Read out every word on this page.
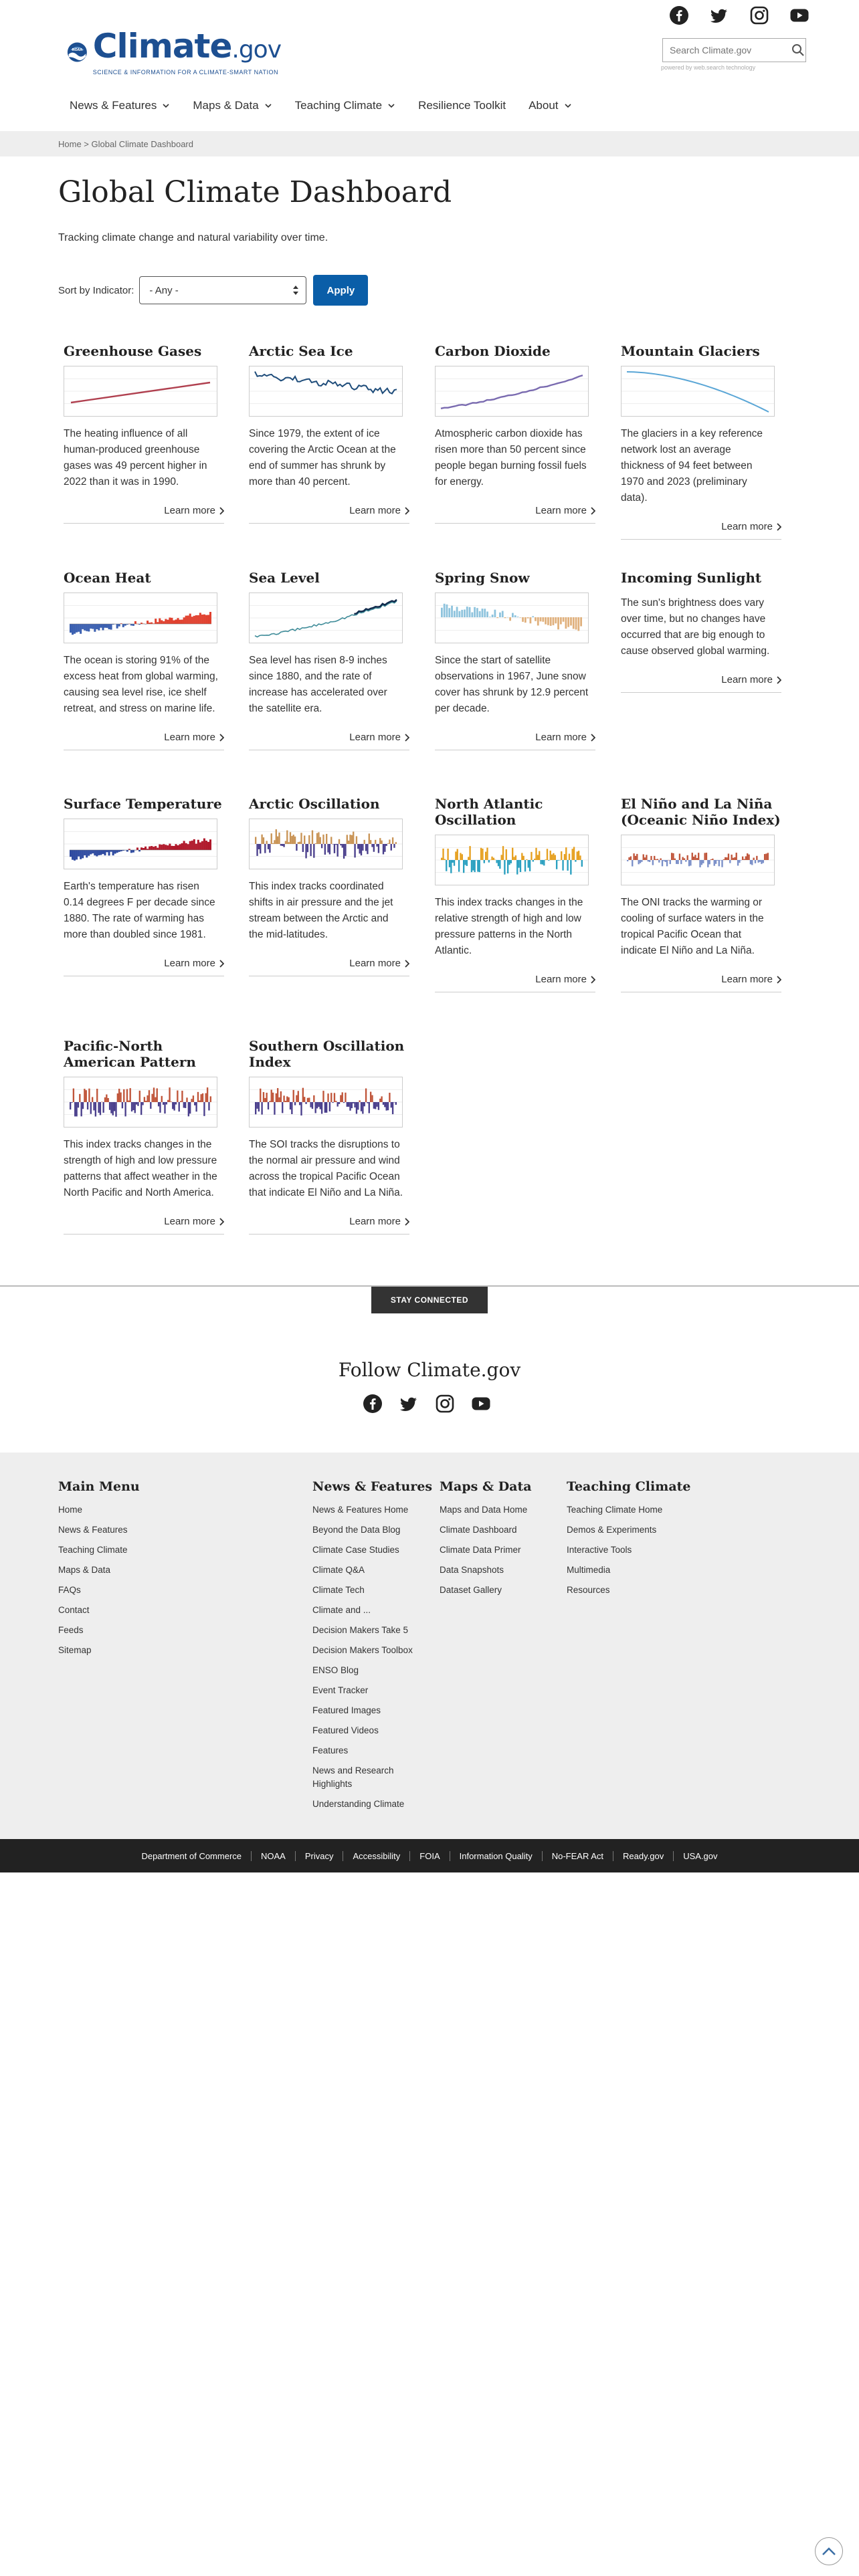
NOAA Climate.gov
SCIENCE & INFORMATION FOR A CLIMATE-SMART NATION
Search Climate.gov
powered by web.search technology
News & Features	Maps & Data	Teaching Climate	Resilience Toolkit About
Home > Global Climate Dashboard
Global Climate Dashboard
Tracking climate change and natural variability over time.
Sort by Indicator: - Any -	Apply
Greenhouse Gases
The heating influence of all human-produced greenhouse gases was 49 percent higher in 2022 than it was in 1990.
Learn more
Arctic Sea Ice
Since 1979, the extent of ice covering the Arctic Ocean at the end of summer has shrunk by more than 40 percent.
Learn more
Carbon Dioxide
Atmospheric carbon dioxide has risen more than 50 percent since people began burning fossil fuels for energy.
Learn more
Mountain Glaciers
The glaciers in a key reference network lost an average thickness of 94 feet between 1970 and 2023 (preliminary data).
Learn more
Ocean Heat
The ocean is storing 91% of the excess heat from global warming, causing sea level rise, ice shelf retreat, and stress on marine life.
Learn more
Sea Level
Sea level has risen 8-9 inches since 1880, and the rate of increase has accelerated over the satellite era.
Learn more
Spring Snow
Since the start of satellite observations in 1967, June snow cover has shrunk by 12.9 percent per decade.
Learn more
Incoming Sunlight
The sun's brightness does vary over time, but no changes have occurred that are big enough to cause observed global warming.
Learn more
Surface Temperature
Earth's temperature has risen 0.14 degrees F per decade since 1880. The rate of warming has more than doubled since 1981.
Learn more
Arctic Oscillation
This index tracks coordinated shifts in air pressure and the jet stream between the Arctic and the mid-latitudes.
Learn more
North Atlantic Oscillation
This index tracks changes in the relative strength of high and low pressure patterns in the North Atlantic.
Learn more
El Niño and La Niña (Oceanic Niño Index)
The ONI tracks the warming or cooling of surface waters in the tropical Pacific Ocean that indicate El Niño and La Niña.
Learn more
Pacific-North American Pattern
This index tracks changes in the strength of high and low pressure patterns that affect weather in the North Pacific and North America.
Learn more
Southern Oscillation Index
The SOI tracks the disruptions to the normal air pressure and wind across the tropical Pacific Ocean that indicate El Niño and La Niña.
Learn more
STAY CONNECTED
Follow Climate.gov
Main Menu
Home
News & Features
Teaching Climate
Maps & Data
FAQs
Contact
Feeds
Sitemap
News & Features
News & Features Home
Beyond the Data Blog
Climate Case Studies
Climate Q&A
Climate Tech
Climate and ...
Decision Makers Take 5
Decision Makers Toolbox
ENSO Blog
Event Tracker
Featured Images
Featured Videos
Features
News and Research Highlights
Understanding Climate
Maps & Data
Maps and Data Home
Climate Dashboard
Climate Data Primer
Data Snapshots
Dataset Gallery
Teaching Climate
Teaching Climate Home
Demos & Experiments
Interactive Tools
Multimedia
Resources
Department of Commerce	NOAA	Privacy	Accessibility	FOIA	Information Quality	No-FEAR Act	Ready.gov	USA.gov
